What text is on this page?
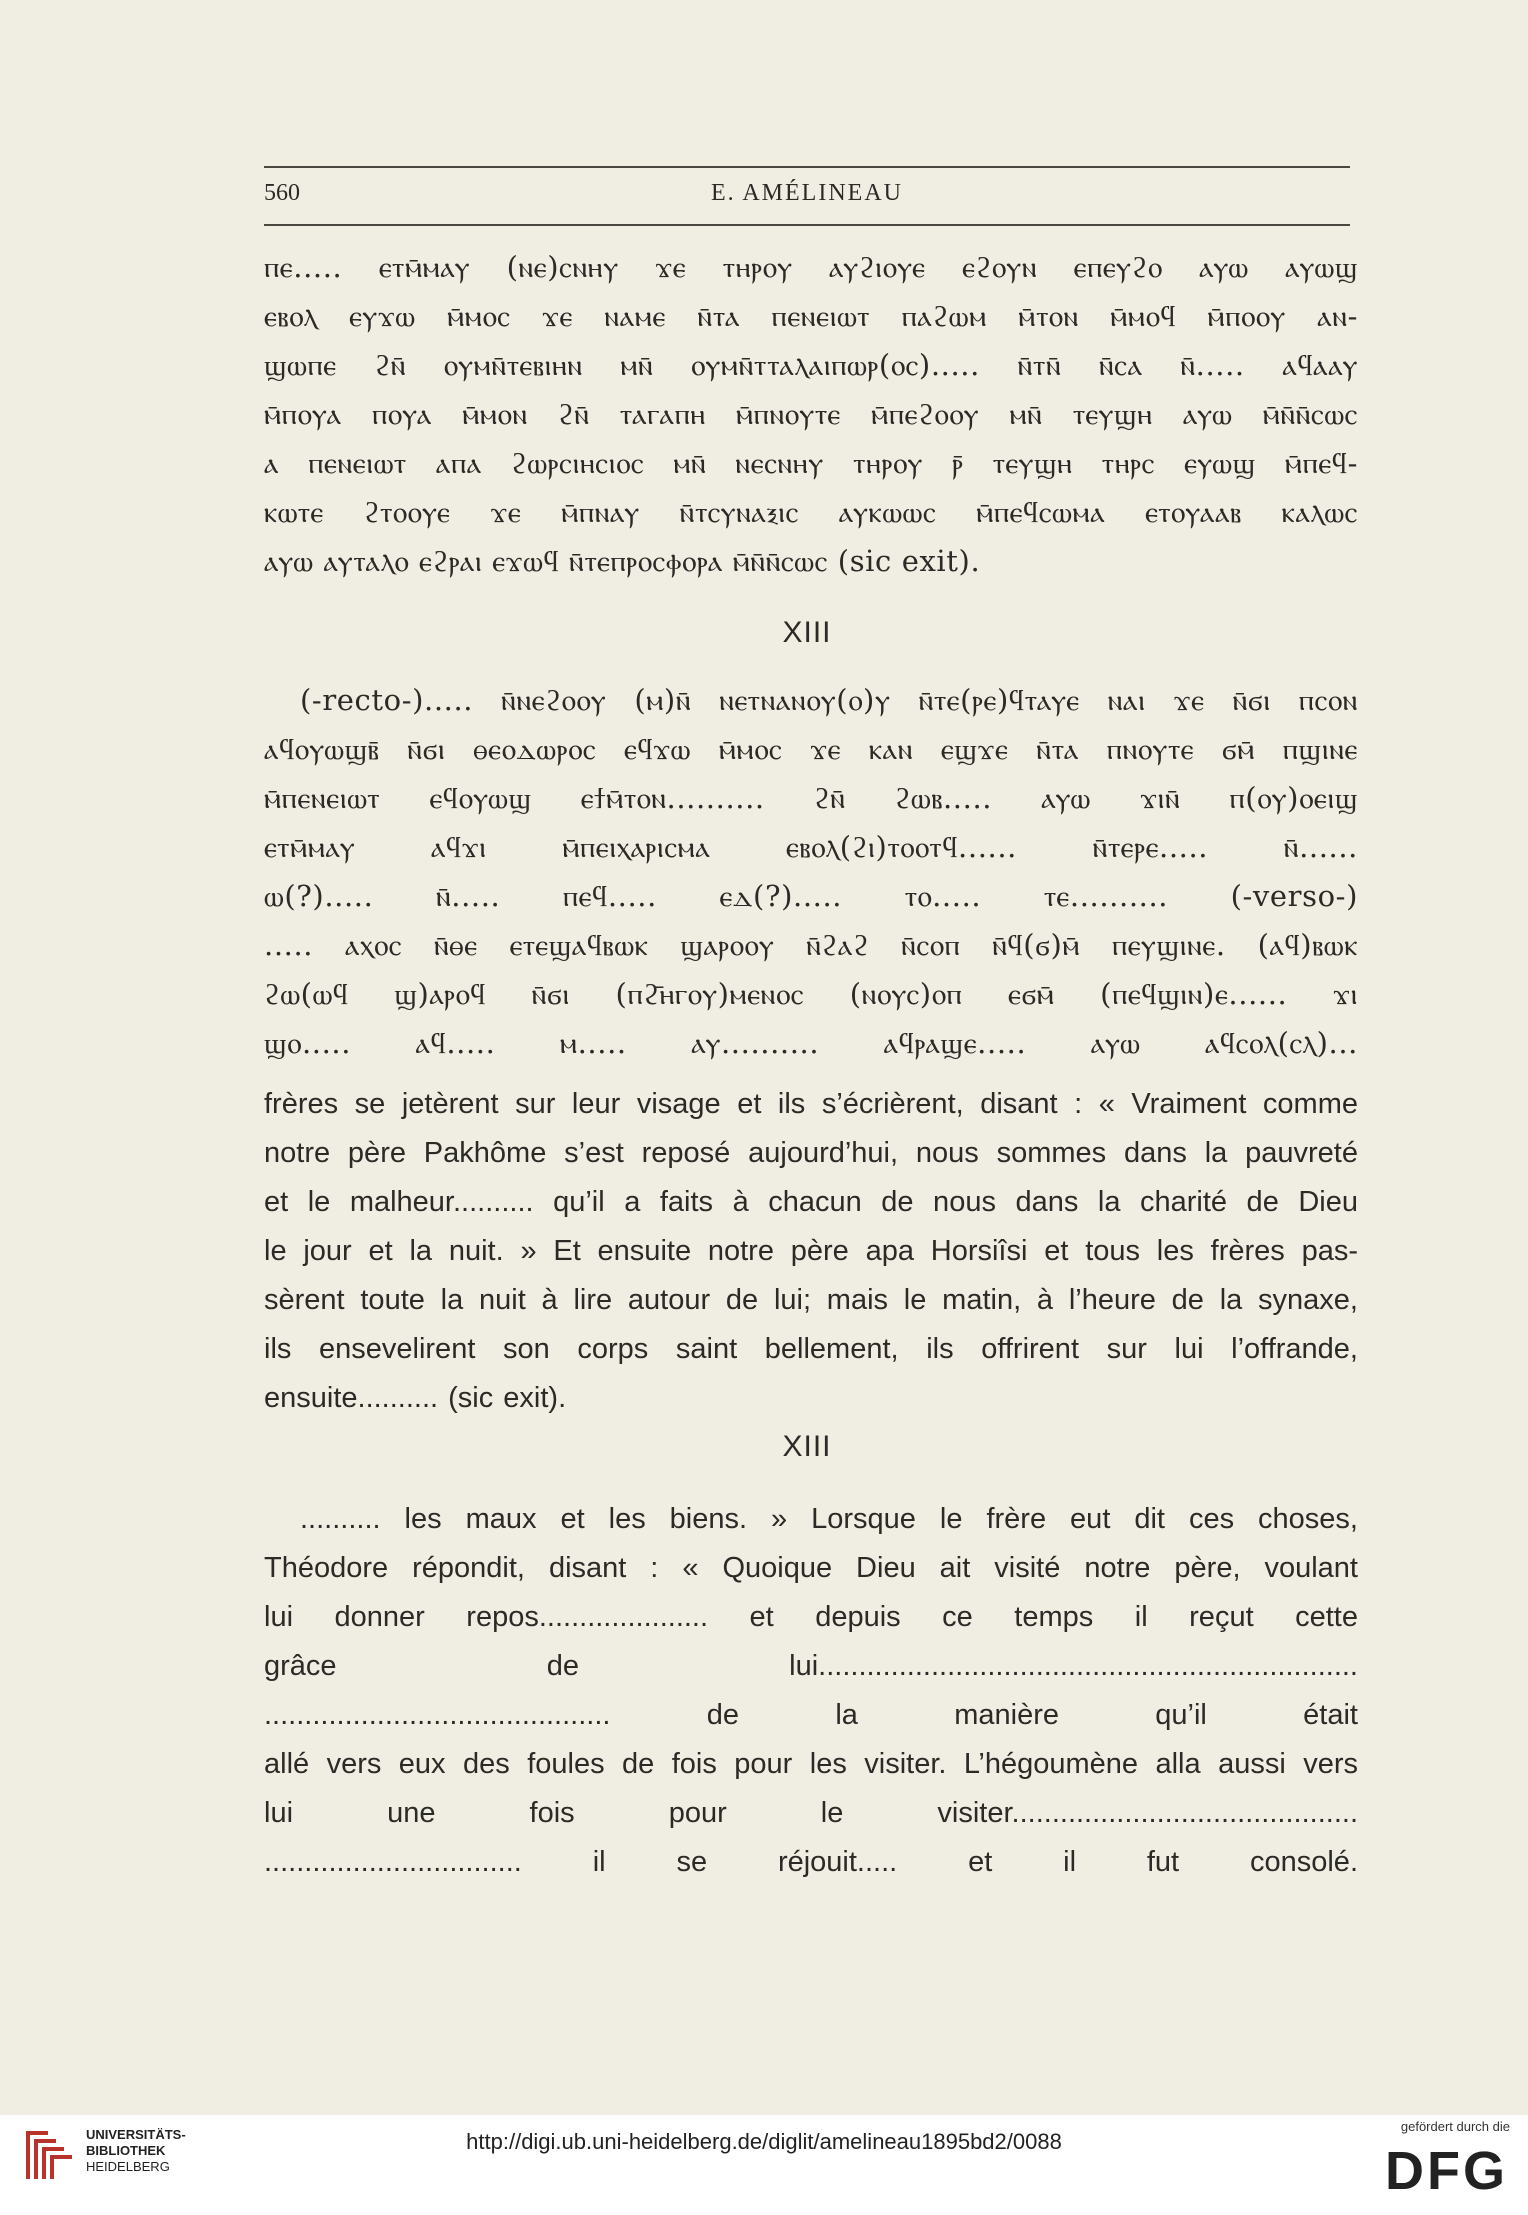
560	E. AMÉLINEAU
ⲡⲉ..... ⲉⲧⲙ̄ⲙⲁⲩ (ⲛⲉ)ⲥⲛⲏⲩ ϫⲉ ⲧⲏⲣⲟⲩ ⲁⲩϩⲓⲟⲩⲉ ⲉϩⲟⲩⲛ ⲉⲡⲉⲩϩⲟ ⲁⲩⲱ ⲁⲩⲱϣ
ⲉⲃⲟⲗ ⲉⲩϫⲱ ⲙ̄ⲙⲟⲥ ϫⲉ ⲛⲁⲙⲉ ⲛ̄ⲧⲁ ⲡⲉⲛⲉⲓⲱⲧ ⲡⲁϩⲱⲙ ⲙ̄ⲧⲟⲛ ⲙ̄ⲙⲟϥ ⲙ̄ⲡⲟⲟⲩ ⲁⲛ-
ϣⲱⲡⲉ ϩⲛ̄ ⲟⲩⲙⲛ̄ⲧⲉⲃⲓⲏⲛ ⲙⲛ̄ ⲟⲩⲙⲛ̄ⲧⲧⲁⲗⲁⲓⲡⲱⲣ(ⲟⲥ)..... ⲛ̄ⲧⲛ̄ ⲛ̄ⲥⲁ ⲛ̄..... ⲁϥⲁⲁⲩ
ⲙ̄ⲡⲟⲩⲁ ⲡⲟⲩⲁ ⲙ̄ⲙⲟⲛ ϩⲛ̄ ⲧⲁⲅⲁⲡⲏ ⲙ̄ⲡⲛⲟⲩⲧⲉ ⲙ̄ⲡⲉϩⲟⲟⲩ ⲙⲛ̄ ⲧⲉⲩϣⲏ ⲁⲩⲱ ⲙ̄ⲛ̄ⲛ̄ⲥⲱⲥ
ⲁ ⲡⲉⲛⲉⲓⲱⲧ ⲁⲡⲁ ϩⲱⲣⲥⲓⲏⲥⲓⲟⲥ ⲙⲛ̄ ⲛⲉⲥⲛⲏⲩ ⲧⲏⲣⲟⲩ ⲣ̄ ⲧⲉⲩϣⲏ ⲧⲏⲣⲥ ⲉⲩⲱϣ ⲙ̄ⲡⲉϥ-
ⲕⲱⲧⲉ ϩⲧⲟⲟⲩⲉ ϫⲉ ⲙ̄ⲡⲛⲁⲩ ⲛ̄ⲧⲥⲩⲛⲁⲝⲓⲥ ⲁⲩⲕⲱⲱⲥ ⲙ̄ⲡⲉϥⲥⲱⲙⲁ ⲉⲧⲟⲩⲁⲁⲃ ⲕⲁⲗⲱⲥ
ⲁⲩⲱ ⲁⲩⲧⲁⲗⲟ ⲉϩⲣⲁⲓ ⲉϫⲱϥ ⲛ̄ⲧⲉⲡⲣⲟⲥⲫⲟⲣⲁ ⲙ̄ⲛ̄ⲛ̄ⲥⲱⲥ (sic exit).
XIII
(-recto-)..... ⲛ̄ⲛⲉϩⲟⲟⲩ (ⲙ)ⲛ̄ ⲛⲉⲧⲛⲁⲛⲟⲩ(ⲟ)ⲩ ⲛ̄ⲧⲉ(ⲣⲉ)ϥⲧⲁⲩⲉ ⲛⲁⲓ ϫⲉ ⲛ̄ϭⲓ ⲡⲥⲟⲛ
ⲁϥⲟⲩⲱϣⲃ̄ ⲛ̄ϭⲓ ⲑⲉⲟⲇⲱⲣⲟⲥ ⲉϥϫⲱ ⲙ̄ⲙⲟⲥ ϫⲉ ⲕⲁⲛ ⲉϣϫⲉ ⲛ̄ⲧⲁ ⲡⲛⲟⲩⲧⲉ ϭⲙ̄ ⲡϣⲓⲛⲉ
ⲙ̄ⲡⲉⲛⲉⲓⲱⲧ ⲉϥⲟⲩⲱϣ ⲉϯⲙ̄ⲧⲟⲛ.......... ϩⲛ̄ ϩⲱⲃ..... ⲁⲩⲱ ϫⲓⲛ̄ ⲡ(ⲟⲩ)ⲟⲉⲓϣ
ⲉⲧⲙ̄ⲙⲁⲩ ⲁϥϫⲓ ⲙ̄ⲡⲉⲓⲭⲁⲣⲓⲥⲙⲁ ⲉⲃⲟⲗ(ϩⲓ)ⲧⲟⲟⲧϥ...... ⲛ̄ⲧⲉⲣⲉ..... ⲛ̄......
ⲱ(?)..... ⲛ̄..... ⲡⲉϥ..... ⲉⲇ(?)..... ⲧⲟ..... ⲧⲉ.......... (-verso-)
..... ⲁⲭⲟⲥ ⲛ̄ⲑⲉ ⲉⲧⲉϣⲁϥⲃⲱⲕ ϣⲁⲣⲟⲟⲩ ⲛ̄ϩⲁϩ ⲛ̄ⲥⲟⲡ ⲛ̄ϥ(ϭ)ⲙ̄ ⲡⲉⲩϣⲓⲛⲉ. (ⲁϥ)ⲃⲱⲕ
ϩⲱ(ⲱϥ ϣ)ⲁⲣⲟϥ ⲛ̄ϭⲓ (ⲡϩ̄ⲏⲅⲟⲩ)ⲙⲉⲛⲟⲥ (ⲛⲟⲩⲥ)ⲟⲡ ⲉϭⲙ̄ (ⲡⲉϥϣⲓⲛ)ⲉ...... ϫⲓ
ϣⲟ..... ⲁϥ..... ⲙ..... ⲁⲩ.......... ⲁϥⲣⲁϣⲉ..... ⲁⲩⲱ ⲁϥⲥⲟⲗ(ⲥⲗ)...
frères se jetèrent sur leur visage et ils s’écrièrent, disant : « Vraiment comme
notre père Pakhôme s’est reposé aujourd’hui, nous sommes dans la pauvreté
et le malheur.......... qu’il a faits à chacun de nous dans la charité de Dieu
le jour et la nuit. » Et ensuite notre père apa Horsiîsi et tous les frères pas-
sèrent toute la nuit à lire autour de lui; mais le matin, à l’heure de la synaxe,
ils ensevelirent son corps saint bellement, ils offrirent sur lui l’offrande,
ensuite.......... (sic exit).
XIII
.......... les maux et les biens. » Lorsque le frère eut dit ces choses,
Théodore répondit, disant : « Quoique Dieu ait visité notre père, voulant
lui donner repos..................... et depuis ce temps il reçut cette
grâce de lui...................................................................
........................................... de la manière qu’il était
allé vers eux des foules de fois pour les visiter. L’hégoumène alla aussi vers
lui une fois pour le visiter...........................................
................................ il se réjouit..... et il fut consolé.
UNIVERSITÄTS-
BIBLIOTHEK
HEIDELBERG
http://digi.ub.uni-heidelberg.de/diglit/amelineau1895bd2/0088
gefördert durch die
DFG
